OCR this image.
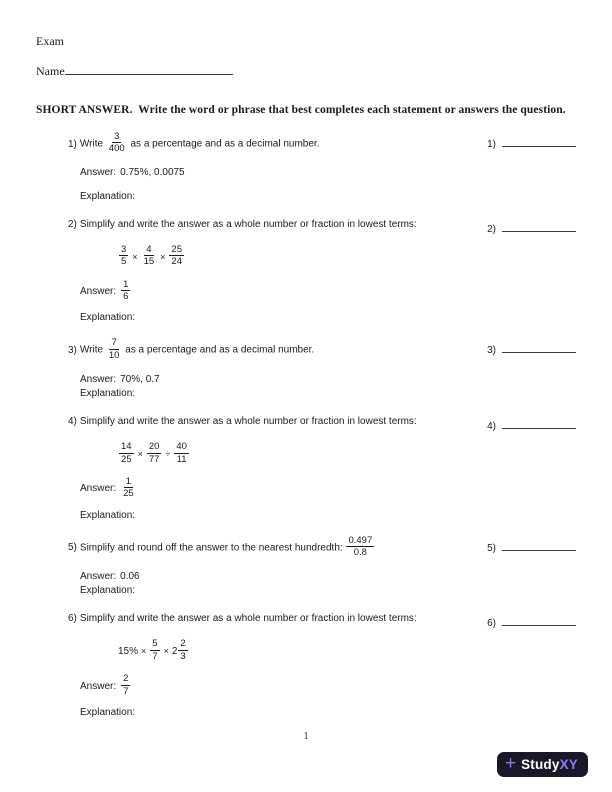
Exam
Name
SHORT ANSWER.  Write the word or phrase that best completes each statement or answers the question.
1) Write $\frac{3}{400}$ as a percentage and as a decimal number.	1)
Answer: 0.75%, 0.0075
Explanation:
2) Simplify and write the answer as a whole number or fraction in lowest terms:	2)
$\frac{3}{5} \times \frac{4}{15} \times \frac{25}{24}$
Answer: $\frac{1}{6}$
Explanation:
3) Write $\frac{7}{10}$ as a percentage and as a decimal number.	3)
Answer: 70%, 0.7
Explanation:
4) Simplify and write the answer as a whole number or fraction in lowest terms:	4)
$\frac{14}{25} \times \frac{20}{77} \div \frac{40}{11}$
Answer: $\frac{1}{25}$
Explanation:
5) Simplify and round off the answer to the nearest hundredth: $\frac{0.497}{0.8}$	5)
Answer: 0.06
Explanation:
6) Simplify and write the answer as a whole number or fraction in lowest terms:	6)
$15\% \times \frac{5}{7} \times 2 \frac{2}{3}$
Answer: $\frac{2}{7}$
Explanation:
1
+ StudyXY
